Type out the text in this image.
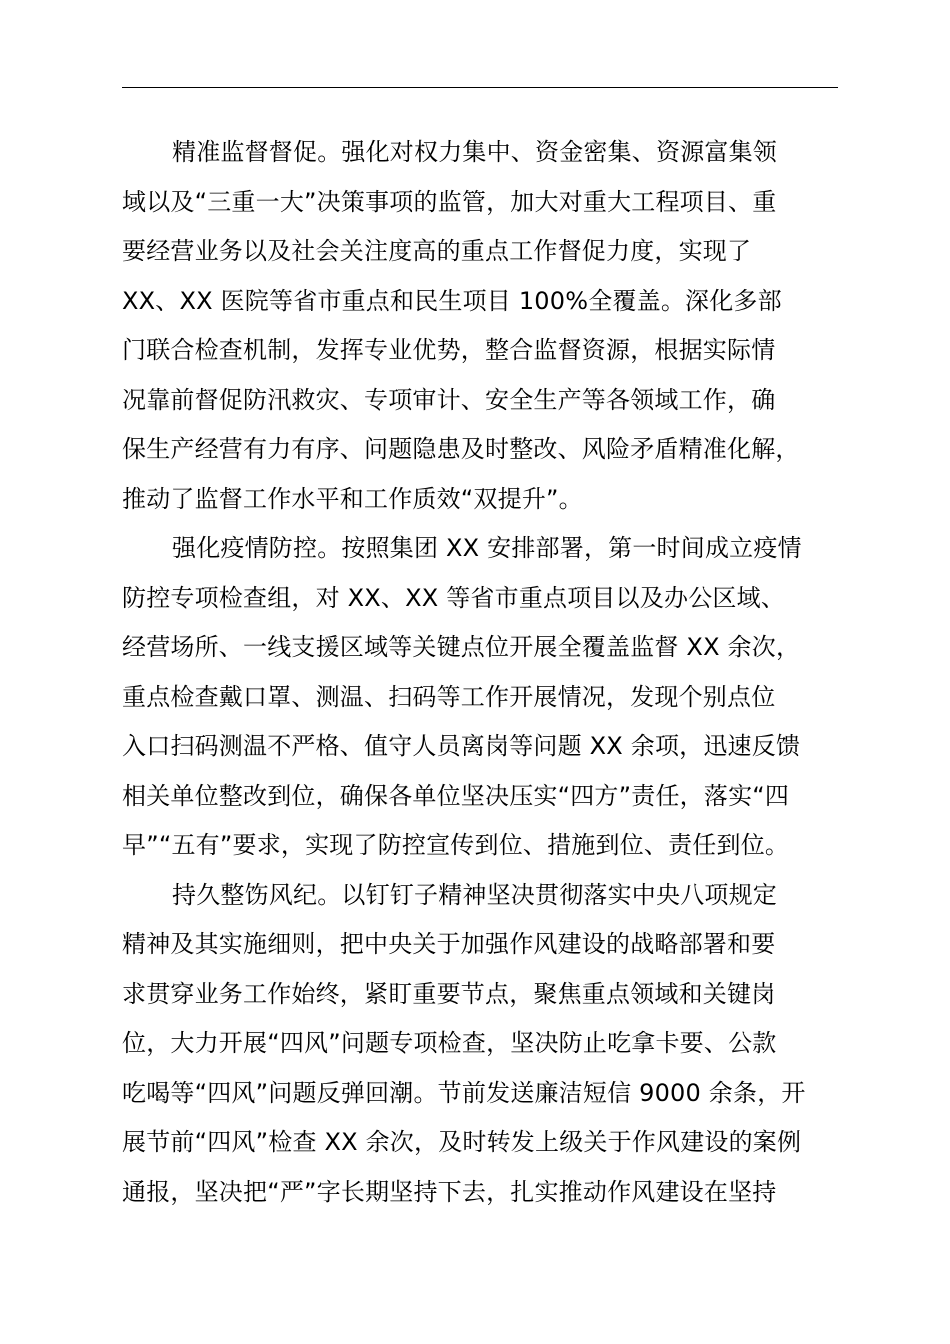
精准监督督促。强化对权力集中、资金密集、资源富集领
域以及“三重一大”决策事项的监管，加大对重大工程项目、重
要经营业务以及社会关注度高的重点工作督促力度，实现了
XX、XX 医院等省市重点和民生项目 100%全覆盖。深化多部
门联合检查机制，发挥专业优势，整合监督资源，根据实际情
况靠前督促防汛救灾、专项审计、安全生产等各领域工作，确
保生产经营有力有序、问题隐患及时整改、风险矛盾精准化解，
推动了监督工作水平和工作质效“双提升”。
强化疫情防控。按照集团 XX 安排部署，第一时间成立疫情
防控专项检查组，对 XX、XX 等省市重点项目以及办公区域、
经营场所、一线支援区域等关键点位开展全覆盖监督 XX 余次，
重点检查戴口罩、测温、扫码等工作开展情况，发现个别点位
入口扫码测温不严格、值守人员离岗等问题 XX 余项，迅速反馈
相关单位整改到位，确保各单位坚决压实“四方”责任，落实“四
早”“五有”要求，实现了防控宣传到位、措施到位、责任到位。
持久整饬风纪。以钉钉子精神坚决贯彻落实中央八项规定
精神及其实施细则，把中央关于加强作风建设的战略部署和要
求贯穿业务工作始终，紧盯重要节点，聚焦重点领域和关键岗
位，大力开展“四风”问题专项检查，坚决防止吃拿卡要、公款
吃喝等“四风”问题反弹回潮。节前发送廉洁短信 9000 余条，开
展节前“四风”检查 XX 余次，及时转发上级关于作风建设的案例
通报，坚决把“严”字长期坚持下去，扎实推动作风建设在坚持
